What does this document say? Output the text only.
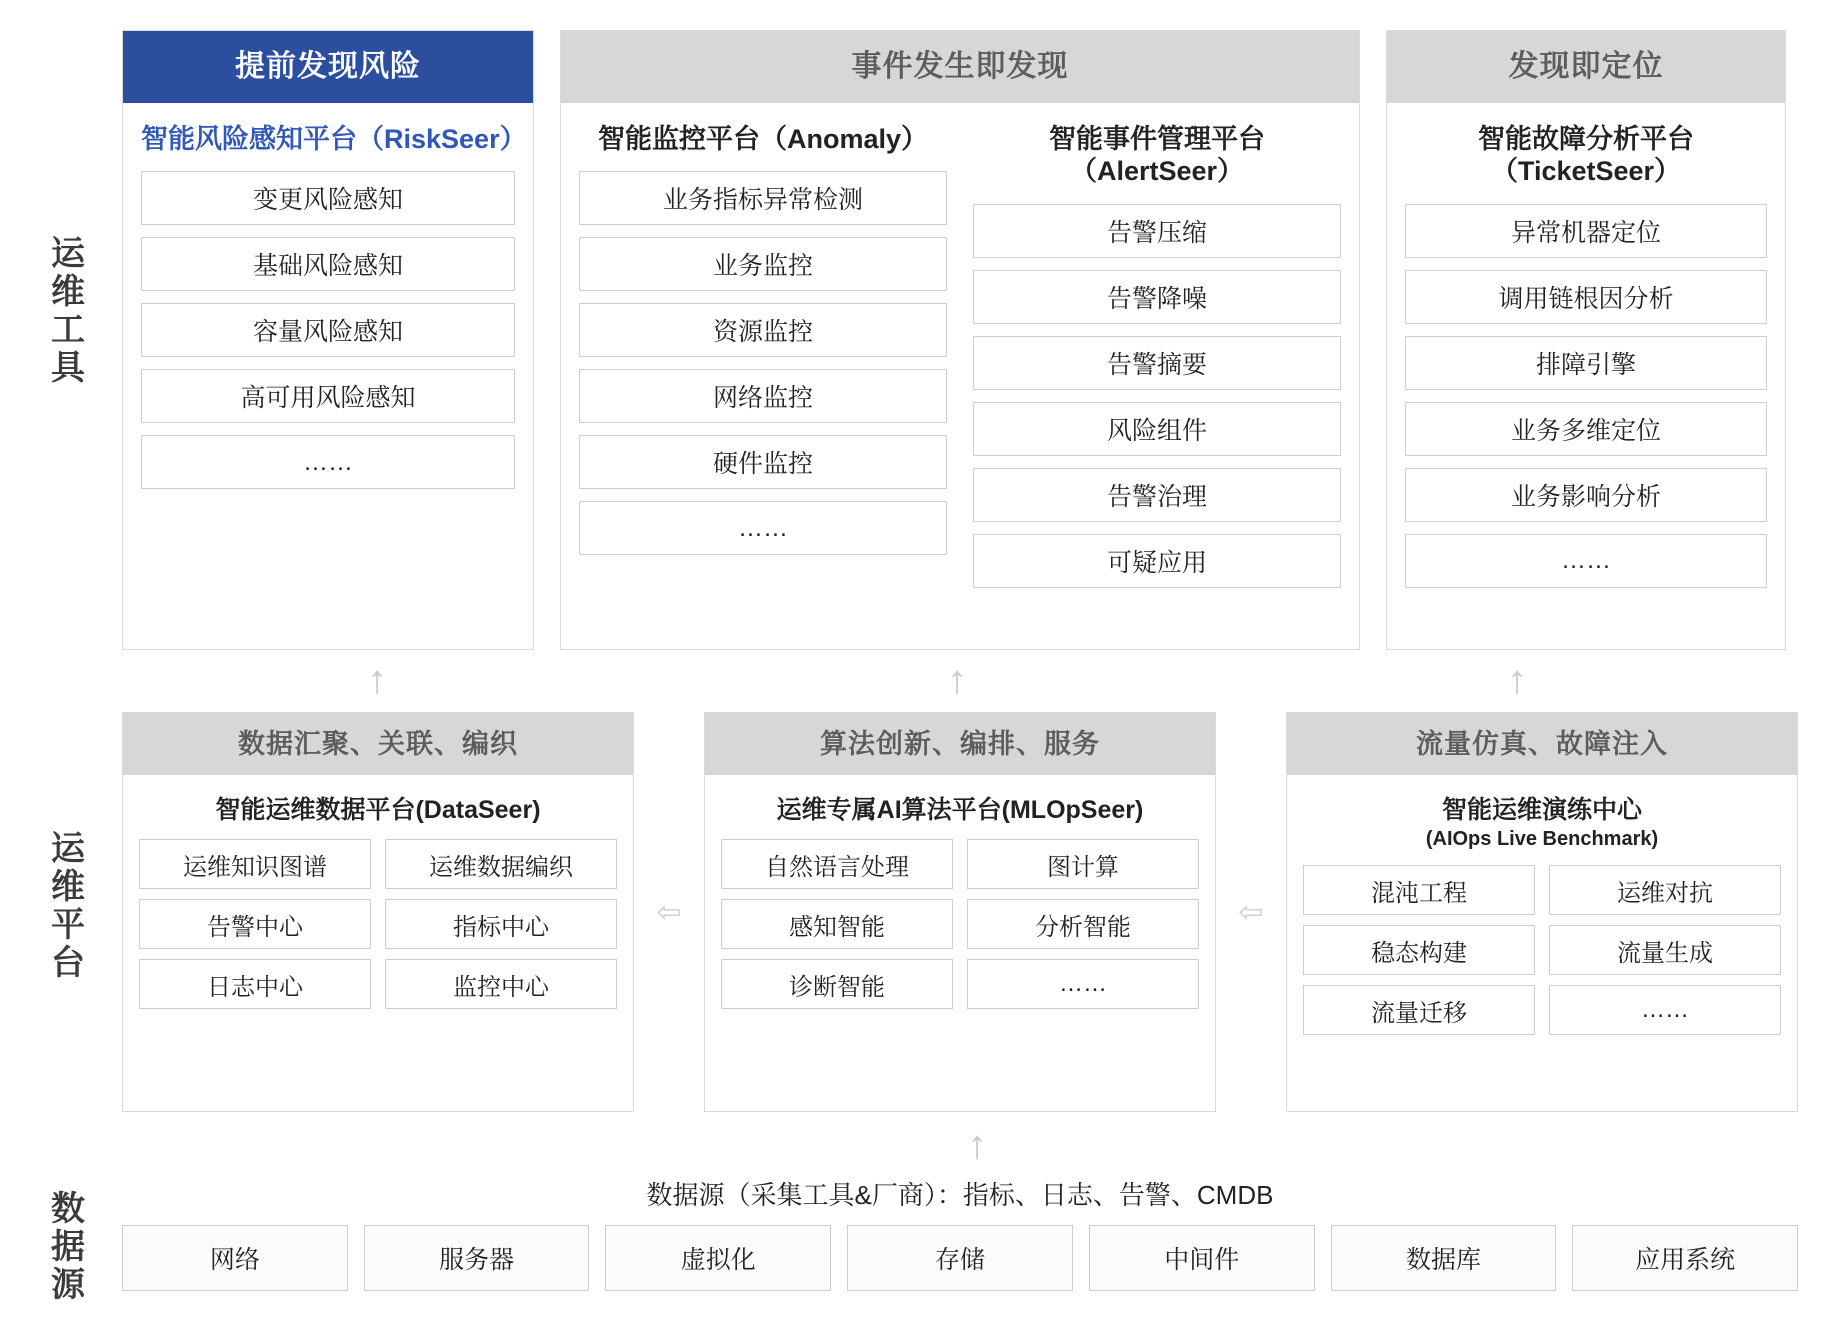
运维工具
运维平台
数据源
提前发现风险
智能风险感知平台（RiskSeer）
变更风险感知
基础风险感知
容量风险感知
高可用风险感知
……
事件发生即发现
智能监控平台（Anomaly）
业务指标异常检测
业务监控
资源监控
网络监控
硬件监控
……
智能事件管理平台（AlertSeer）
告警压缩
告警降噪
告警摘要
风险组件
告警治理
可疑应用
发现即定位
智能故障分析平台（TicketSeer）
异常机器定位
调用链根因分析
排障引擎
业务多维定位
业务影响分析
……
↑	↑	↑
数据汇聚、关联、编织
智能运维数据平台(DataSeer)
运维知识图谱	运维数据编织
告警中心	指标中心
日志中心	监控中心
⇦
算法创新、编排、服务
运维专属AI算法平台(MLOpSeer)
自然语言处理	图计算
感知智能	分析智能
诊断智能	……
⇦
流量仿真、故障注入
智能运维演练中心
(AIOps Live Benchmark)
混沌工程	运维对抗
稳态构建	流量生成
流量迁移	……
↑
数据源（采集工具&厂商）：指标、日志、告警、CMDB
网络	服务器	虚拟化	存储	中间件	数据库	应用系统
